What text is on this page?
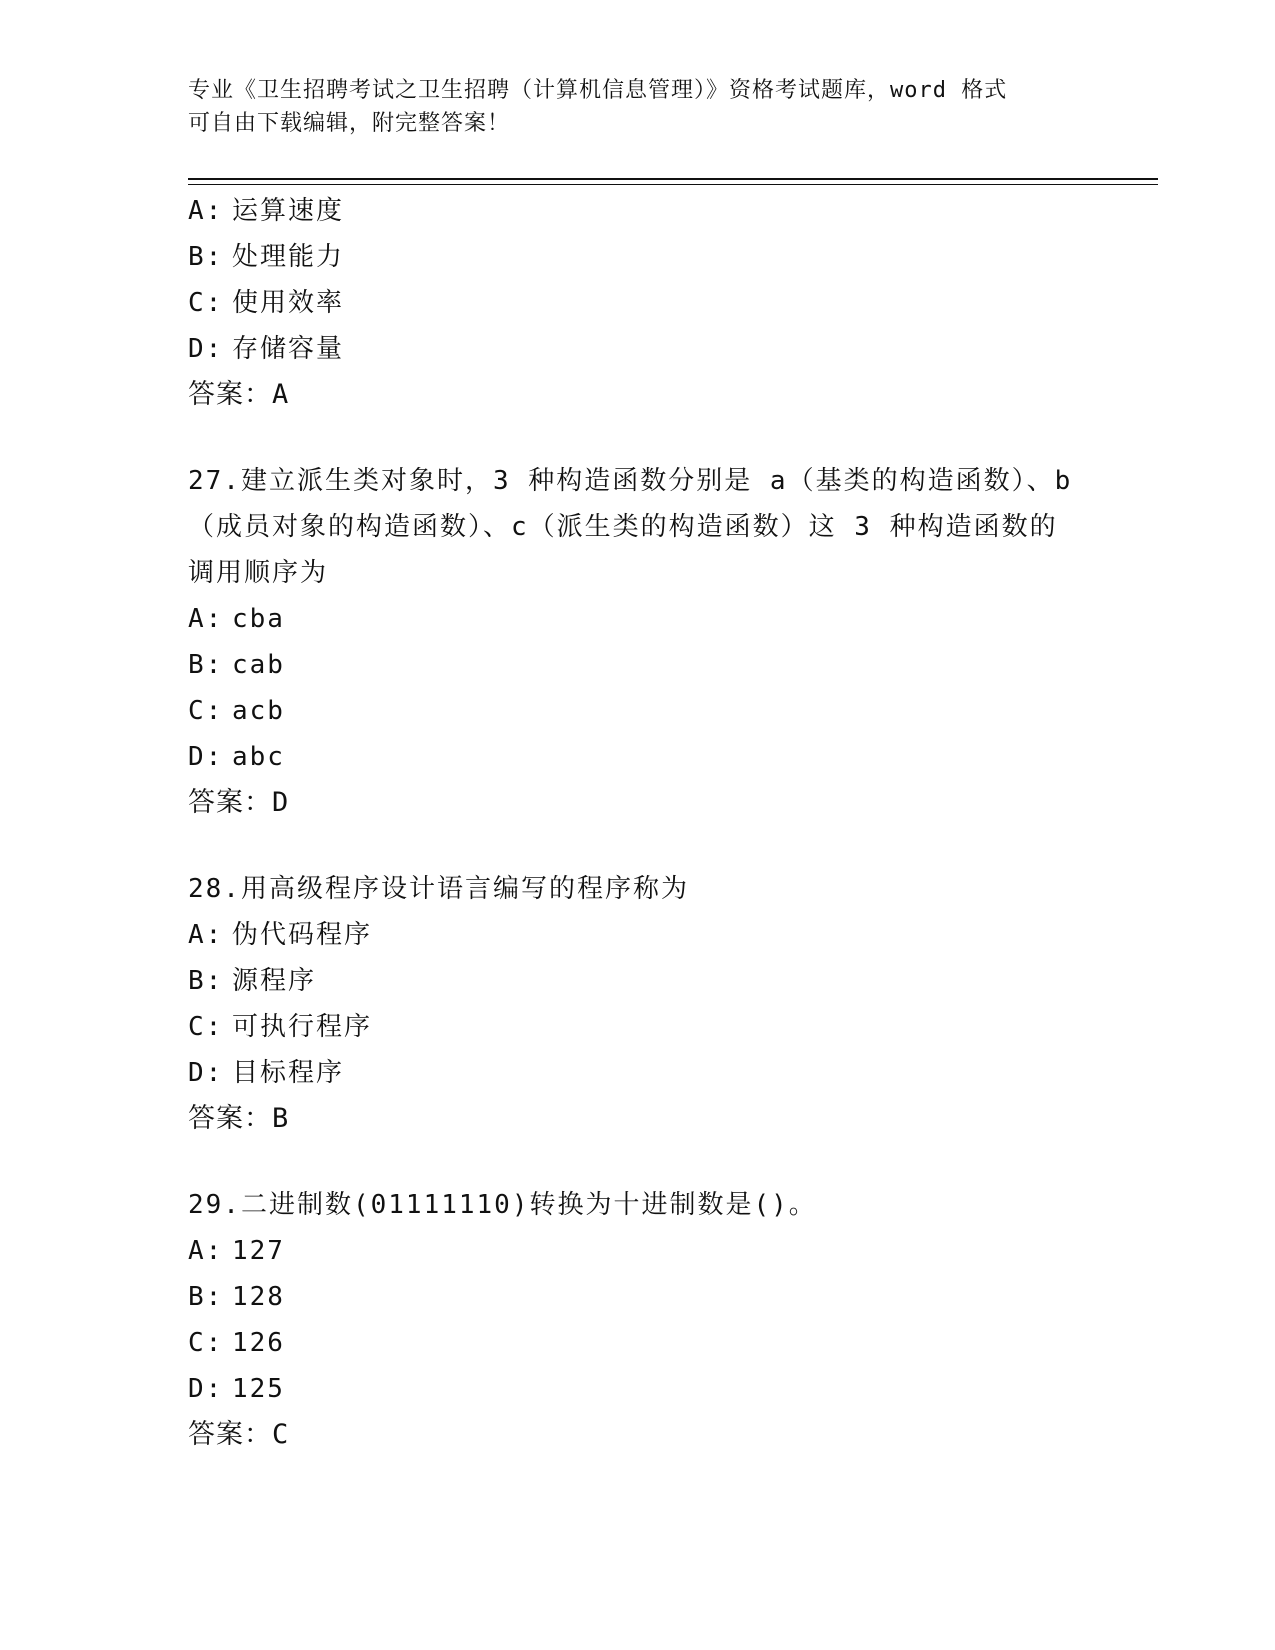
专业《卫生招聘考试之卫生招聘（计算机信息管理）》资格考试题库，word 格式
可自由下载编辑，附完整答案！
A: 运算速度
B: 处理能力
C: 使用效率
D: 存储容量
答案：A
27.建立派生类对象时，3 种构造函数分别是 a（基类的构造函数）、b
（成员对象的构造函数）、c（派生类的构造函数）这 3 种构造函数的
调用顺序为
A: cba
B: cab
C: acb
D: abc
答案：D
28.用高级程序设计语言编写的程序称为
A: 伪代码程序
B: 源程序
C: 可执行程序
D: 目标程序
答案：B
29.二进制数(01111110)转换为十进制数是()。
A: 127
B: 128
C: 126
D: 125
答案：C
